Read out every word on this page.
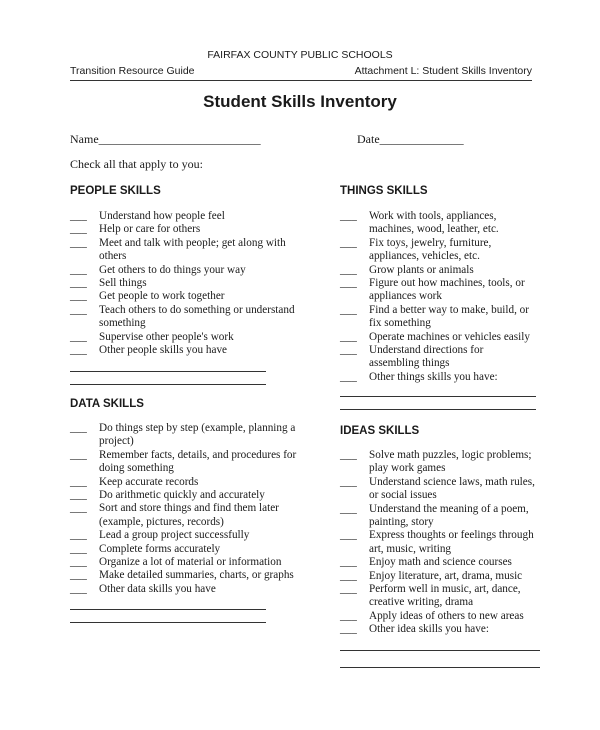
FAIRFAX COUNTY PUBLIC SCHOOLS
Transition Resource Guide	Attachment L: Student Skills Inventory
Student Skills Inventory
Name___________________________	Date______________
Check all that apply to you:
PEOPLE SKILLS
___ Understand how people feel
___ Help or care for others
___ Meet and talk with people; get along with others
___ Get others to do things your way
___ Sell things
___ Get people to work together
___ Teach others to do something or understand something
___ Supervise other people's work
___ Other people skills you have
DATA SKILLS
___ Do things step by step (example, planning a project)
___ Remember facts, details, and procedures for doing something
___ Keep accurate records
___ Do arithmetic quickly and accurately
___ Sort and store things and find them later (example, pictures, records)
___ Lead a group project successfully
___ Complete forms accurately
___ Organize a lot of material or information
___ Make detailed summaries, charts, or graphs
___ Other data skills you have
THINGS SKILLS
___ Work with tools, appliances, machines, wood, leather, etc.
___ Fix toys, jewelry, furniture, appliances, vehicles, etc.
___ Grow plants or animals
___ Figure out how machines, tools, or appliances work
___ Find a better way to make, build, or fix something
___ Operate machines or vehicles easily
___ Understand directions for assembling things
___ Other things skills you have:
IDEAS SKILLS
___ Solve math puzzles, logic problems; play work games
___ Understand science laws, math rules, or social issues
___ Understand the meaning of a poem, painting, story
___ Express thoughts or feelings through art, music, writing
___ Enjoy math and science courses
___ Enjoy literature, art, drama, music
___ Perform well in music, art, dance, creative writing, drama
___ Apply ideas of others to new areas
___ Other idea skills you have:
